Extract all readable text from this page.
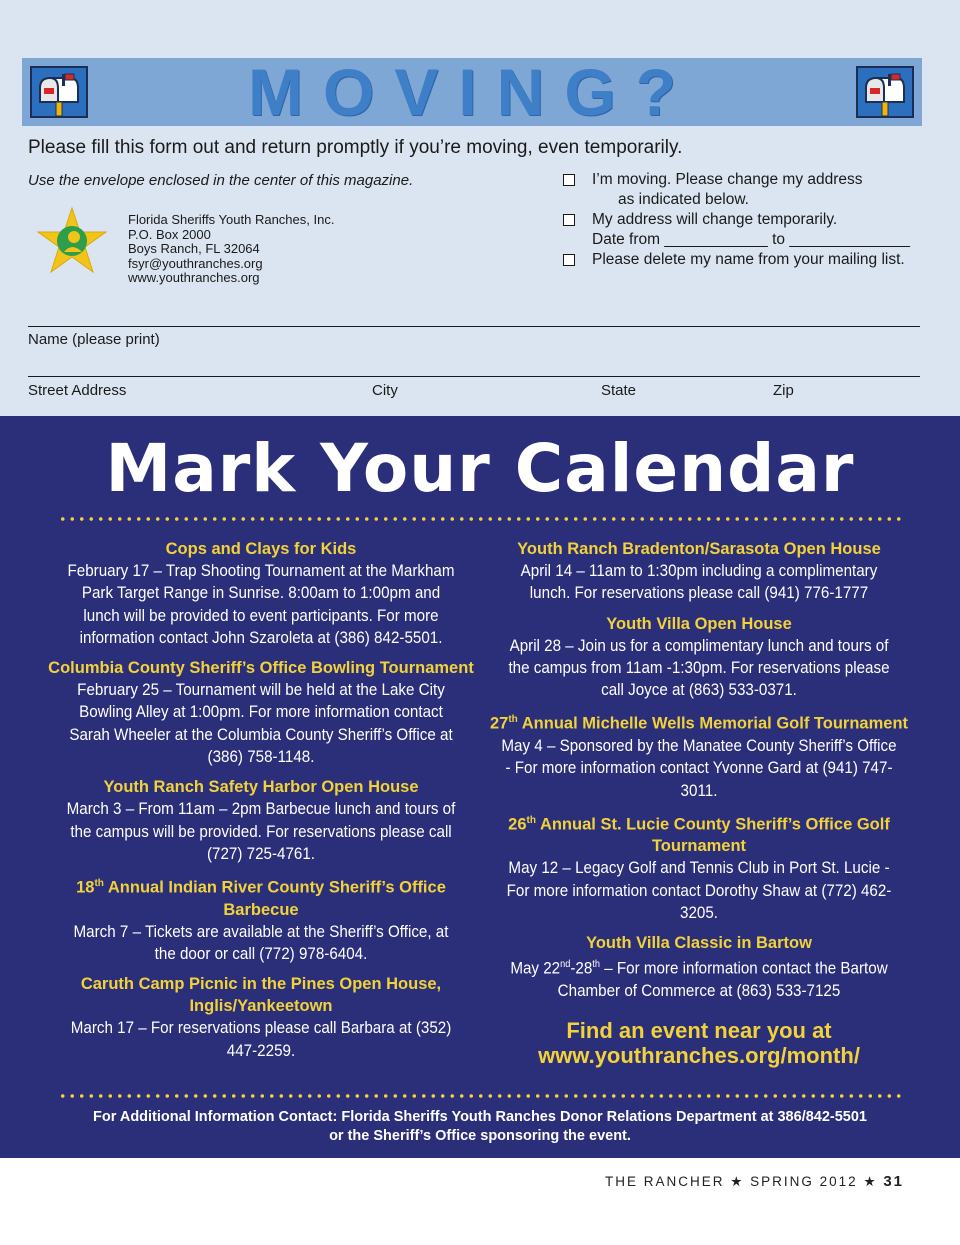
MOVING?
Please fill this form out and return promptly if you’re moving, even temporarily.
Use the envelope enclosed in the center of this magazine.
Florida Sheriffs Youth Ranches, Inc.
P.O. Box 2000
Boys Ranch, FL 32064
fsyr@youthranches.org
www.youthranches.org
I’m moving. Please change my address
as indicated below.
My address will change temporarily.
Date from ____________ to ______________
Please delete my name from your mailing list.
Name (please print)
Street Address	City	State	Zip
Mark Your Calendar
Cops and Clays for Kids
February 17 – Trap Shooting Tournament at the Markham Park Target Range in Sunrise. 8:00am to 1:00pm and lunch will be provided to event participants. For more information contact John Szaroleta at (386) 842-5501.
Columbia County Sheriff’s Office Bowling Tournament
February 25 – Tournament will be held at the Lake City Bowling Alley at 1:00pm. For more information contact Sarah Wheeler at the Columbia County Sheriff’s Office at (386) 758-1148.
Youth Ranch Safety Harbor Open House
March 3 – From 11am – 2pm Barbecue lunch and tours of the campus will be provided. For reservations please call (727) 725-4761.
18th Annual Indian River County Sheriff’s Office Barbecue
March 7 – Tickets are available at the Sheriff’s Office, at the door or call (772) 978-6404.
Caruth Camp Picnic in the Pines Open House, Inglis/Yankeetown
March 17 – For reservations please call Barbara at (352) 447-2259.
Youth Ranch Bradenton/Sarasota Open House
April 14 – 11am to 1:30pm including a complimentary lunch. For reservations please call (941) 776-1777
Youth Villa Open House
April 28 – Join us for a complimentary lunch and tours of the campus from 11am -1:30pm. For reservations please call Joyce at (863) 533-0371.
27th Annual Michelle Wells Memorial Golf Tournament
May 4 – Sponsored by the Manatee County Sheriff’s Office - For more information contact Yvonne Gard at (941) 747-3011.
26th Annual St. Lucie County Sheriff’s Office Golf Tournament
May 12 – Legacy Golf and Tennis Club in Port St. Lucie - For more information contact Dorothy Shaw at (772) 462-3205.
Youth Villa Classic in Bartow
May 22nd-28th – For more information contact the Bartow Chamber of Commerce at (863) 533-7125
Find an event near you at
www.youthranches.org/month/
For Additional Information Contact: Florida Sheriffs Youth Ranches Donor Relations Department at 386/842-5501
or the Sheriff’s Office sponsoring the event.
THE RANCHER ★ SPRING 2012 ★ 31
